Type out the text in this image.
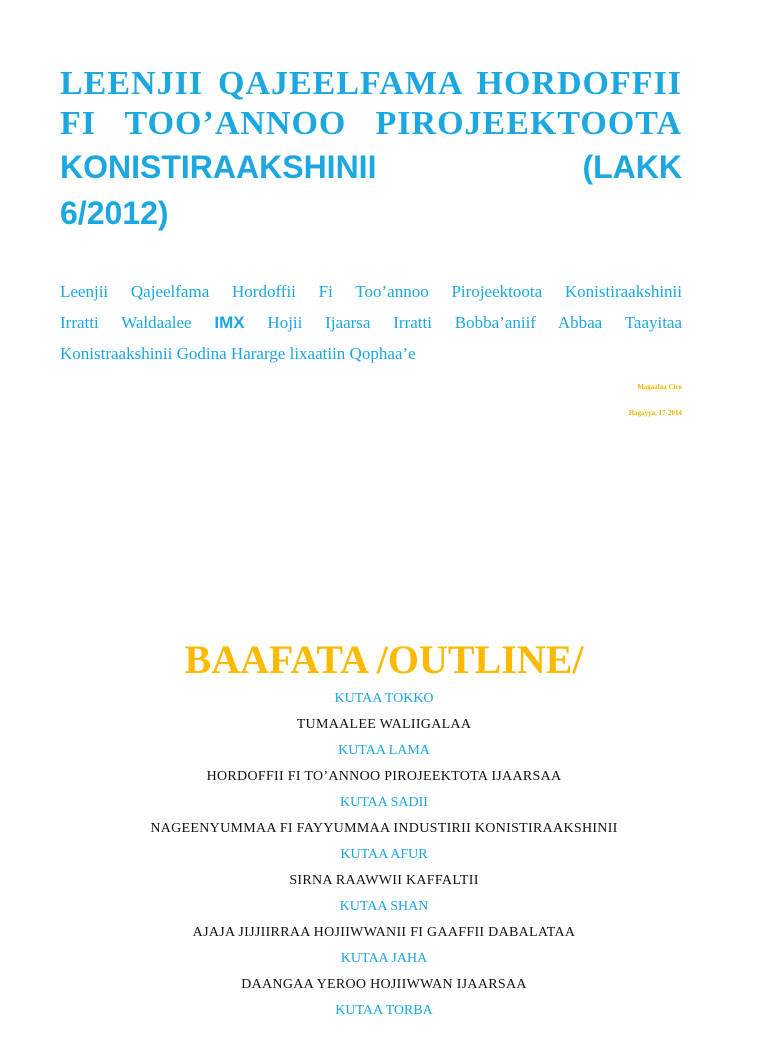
LEENJII QAJEELFAMA HORDOFFII
FI TOO’ANNOO PIROJEEKTOOTA
KONISTIRAAKSHINII (LAKK
6/2012)

Leenjii Qajeelfama Hordoffii Fi Too’annoo Pirojeektoota Konistiraakshinii
Irratti Waldaalee IMX Hojii Ijaarsa Irratti Bobba’aniif Abbaa Taayitaa
Konistraakshinii Godina Hararge lixaatiin Qophaa’e

Magaalaa Ciro
Hagayya, 17-2014
BAAFATA /OUTLINE/
KUTAA TOKKO
TUMAALEE WALIIGALAA
KUTAA LAMA
HORDOFFII FI TO’ANNOO PIROJEEKTOTA IJAARSAA
KUTAA SADII
NAGEENYUMMAA FI FAYYUMMAA INDUSTIRII KONISTIRAAKSHINII
KUTAA AFUR
SIRNA RAAWWII KAFFALTII
KUTAA SHAN
AJAJA JIJJIIRRAA HOJIIWWANII FI GAAFFII DABALATAA
KUTAA JAHA
DAANGAA YEROO HOJIIWWAN IJAARSAA
KUTAA TORBA
